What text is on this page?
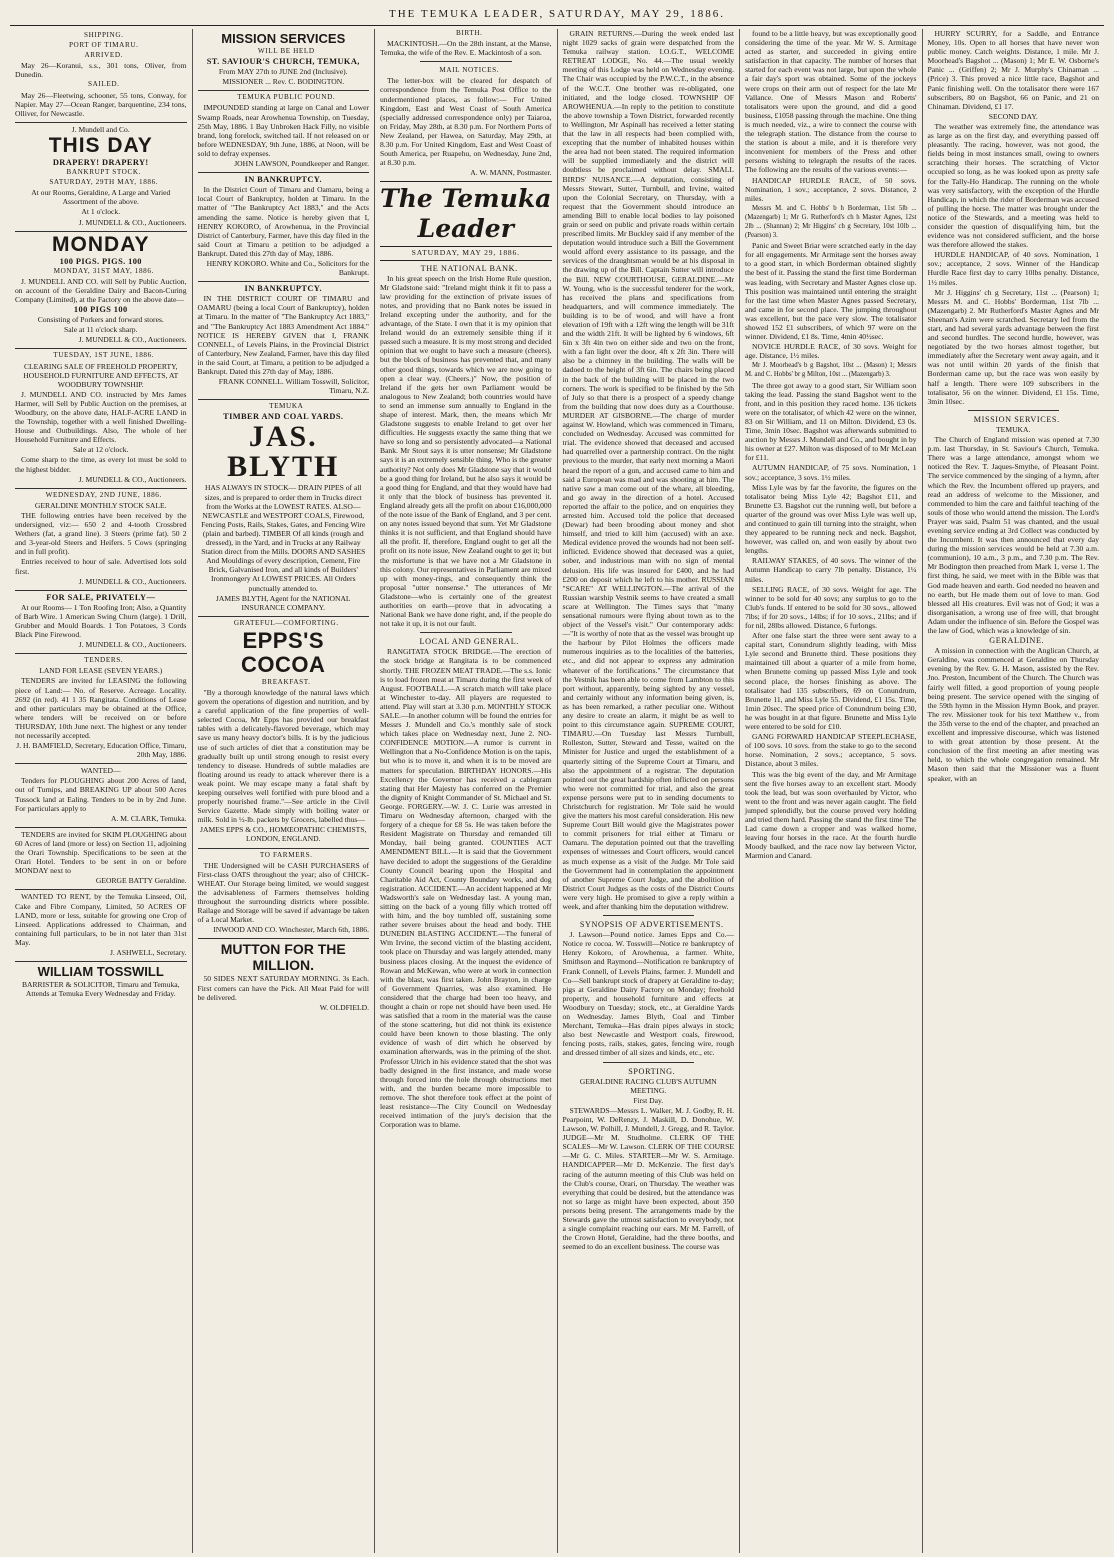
THE TEMUKA LEADER, SATURDAY, MAY 29, 1886.

SHIPPING.

PORT OF TIMARU.

ARRIVED.

May 26—Koranui, s.s., 301 tons, Oliver, from Dunedin.

SAILED.

May 26—Fleetwing, schooner, 55 tons, Conway, for Napier. May 27—Ocean Ranger, barquentine, 234 tons, Olliver, for Newcastle.

J. Mundell and Co.

THIS DAY

DRAPERY! DRAPERY!

BANKRUPT STOCK.

SATURDAY, 29TH MAY, 1886.

At our Rooms, Geraldine, A Large and Varied Assortment of the above.

At 1 o'clock.

J. MUNDELL & CO., Auctioneers.

MONDAY

100 PIGS. PIGS. 100

MONDAY, 31ST MAY, 1886.

J. MUNDELL AND CO. will Sell by Public Auction, on account of the Geraldine Dairy and Bacon-Curing Company (Limited), at the Factory on the above date—

100 PIGS 100

Consisting of Porkers and forward stores.

Sale at 11 o'clock sharp.

J. MUNDELL & CO., Auctioneers.

TUESDAY, 1ST JUNE, 1886.

CLEARING SALE OF FREEHOLD PROPERTY, HOUSEHOLD FURNITURE AND EFFECTS, AT WOODBURY TOWNSHIP.

J. MUNDELL AND CO. instructed by Mrs James Harmer, will Sell by Public Auction on the premises, at Woodbury, on the above date, HALF-ACRE LAND in the Township, together with a well finished Dwelling-House and Outbuildings. Also, The whole of her Household Furniture and Effects.

Sale at 12 o'clock.

Come sharp to the time, as every lot must be sold to the highest bidder.

J. MUNDELL & CO., Auctioneers.

WEDNESDAY, 2ND JUNE, 1886.

GERALDINE MONTHLY STOCK SALE.

THE following entries have been received by the undersigned, viz:— 650 2 and 4-tooth Crossbred Wethers (fat, a grand line). 3 Steers (prime fat). 50 2 and 3-year-old Steers and Heifers. 5 Cows (springing and in full profit).

Entries received to hour of sale. Advertised lots sold first.

J. MUNDELL & CO., Auctioneers.

FOR SALE, PRIVATELY—

At our Rooms— 1 Ton Roofing Iron; Also, a Quantity of Barb Wire. 1 American Swing Churn (large). 1 Drill, Grubber and Mould Boards. 1 Ton Potatoes, 3 Cords Black Pine Firewood.

J. MUNDELL & CO., Auctioneers.

TENDERS.

LAND FOR LEASE (SEVEN YEARS.)

TENDERS are invited for LEASING the following piece of Land:— No. of Reserve. Acreage. Locality. 2692 (in red). 41 1 35 Rangitata. Conditions of Lease and other particulars may be obtained at the Office, where tenders will be received on or before THURSDAY, 10th June next. The highest or any tender not necessarily accepted.

J. H. BAMFIELD, Secretary, Education Office, Timaru, 20th May, 1886.

WANTED—

Tenders for PLOUGHING about 200 Acres of land, out of Turnips, and BREAKING UP about 500 Acres Tussock land at Ealing. Tenders to be in by 2nd June. For particulars apply to

A. M. CLARK, Temuka.

TENDERS are invited for SKIM PLOUGHING about 60 Acres of land (more or less) on Section 11, adjoining the Orari Township. Specifications to be seen at the Orari Hotel. Tenders to be sent in on or before MONDAY next to

GEORGE BATTY Geraldine.

WANTED TO RENT, by the Temuka Linseed, Oil, Cake and Fibre Company, Limited, 50 ACRES OF LAND, more or less, suitable for growing one Crop of Linseed. Applications addressed to Chairman, and containing full particulars, to be in not later than 31st May.

J. ASHWELL, Secretary.

WILLIAM TOSSWILL

BARRISTER & SOLICITOR, Timaru and Temuka, Attends at Temuka Every Wednesday and Friday.

MISSION SERVICES

WILL BE HELD

ST. SAVIOUR'S CHURCH, TEMUKA,

From MAY 27th to JUNE 2nd (Inclusive).

MISSIONER ... Rev. C. BODINGTON.

TEMUKA PUBLIC POUND.

IMPOUNDED standing at large on Canal and Lower Swamp Roads, near Arowhenua Township, on Tuesday, 25th May, 1886. 1 Bay Unbroken Hack Filly, no visible brand, long forelock, switched tail. If not released on or before WEDNESDAY, 9th June, 1886, at Noon, will be sold to defray expenses.

JOHN LAWSON, Poundkeeper and Ranger.

IN BANKRUPTCY.

In the District Court of Timaru and Oamaru, being a local Court of Bankruptcy, holden at Timaru. In the matter of "The Bankruptcy Act 1883," and the Acts amending the same. Notice is hereby given that I, HENRY KOKORO, of Arowhenua, in the Provincial District of Canterbury, Farmer, have this day filed in the said Court at Timaru a petition to be adjudged a Bankrupt. Dated this 27th day of May, 1886.

HENRY KOKORO. White and Co., Solicitors for the Bankrupt.

IN BANKRUPTCY.

IN THE DISTRICT COURT OF TIMARU and OAMARU (being a local Court of Bankruptcy), holden at Timaru. In the matter of "The Bankruptcy Act 1883," and "The Bankruptcy Act 1883 Amendment Act 1884." NOTICE IS HEREBY GIVEN that I, FRANK CONNELL, of Levels Plains, in the Provincial District of Canterbury, New Zealand, Farmer, have this day filed in the said Court, at Timaru, a petition to be adjudged a Bankrupt. Dated this 27th day of May, 1886.

FRANK CONNELL. William Tosswill, Solicitor, Timaru, N.Z.

TEMUKA

TIMBER AND COAL YARDS.

JAS. BLYTH

HAS ALWAYS IN STOCK— DRAIN PIPES of all sizes, and is prepared to order them in Trucks direct from the Works at the LOWEST RATES. ALSO— NEWCASTLE and WESTPORT COALS, Firewood, Fencing Posts, Rails, Stakes, Gates, and Fencing Wire (plain and barbed). TIMBER Of all kinds (rough and dressed), in the Yard, and in Trucks at any Railway Station direct from the Mills. DOORS AND SASHES And Mouldings of every description, Cement, Fire Brick, Galvanised Iron, and all kinds of Builders' Ironmongery At LOWEST PRICES. All Orders punctually attended to.

JAMES BLYTH, Agent for the NATIONAL INSURANCE COMPANY.

GRATEFUL—COMFORTING.

EPPS'S COCOA

BREAKFAST.

"By a thorough knowledge of the natural laws which govern the operations of digestion and nutrition, and by a careful application of the fine properties of well-selected Cocoa, Mr Epps has provided our breakfast tables with a delicately-flavored beverage, which may save us many heavy doctor's bills. It is by the judicious use of such articles of diet that a constitution may be gradually built up until strong enough to resist every tendency to disease. Hundreds of subtle maladies are floating around us ready to attack wherever there is a weak point. We may escape many a fatal shaft by keeping ourselves well fortified with pure blood and a properly nourished frame."—See article in the Civil Service Gazette. Made simply with boiling water or milk. Sold in ½-lb. packets by Grocers, labelled thus—

JAMES EPPS & CO., HOMŒOPATHIC CHEMISTS, LONDON, ENGLAND.

TO FARMERS.

THE Undersigned will be CASH PURCHASERS of First-class OATS throughout the year; also of CHICK-WHEAT. Our Storage being limited, we would suggest the advisableness of Farmers themselves holding throughout the surrounding districts where possible. Railage and Storage will be saved if advantage be taken of a Local Market.

INWOOD AND CO. Winchester, March 6th, 1886.

MUTTON FOR THE MILLION.

50 SIDES NEXT SATURDAY MORNING. 3s Each. First comers can have the Pick. All Meat Paid for will be delivered.

W. OLDFIELD.

BIRTH.

MACKINTOSH.—On the 28th instant, at the Manse, Temuka, the wife of the Rev. E. Mackintosh of a son.

MAIL NOTICES.

The letter-box will be cleared for despatch of correspondence from the Temuka Post Office to the undermentioned places, as follow:— For United Kingdom, East and West Coast of South America (specially addressed correspondence only) per Taiaroa, on Friday, May 28th, at 8.30 p.m. For Northern Ports of New Zealand, per Hawea, on Saturday, May 29th, at 8.30 p.m. For United Kingdom, East and West Coast of South America, per Ruapehu, on Wednesday, June 2nd, at 8.30 p.m.

A. W. MANN, Postmaster.

The Temuka Leader
SATURDAY, MAY 29, 1886.

THE NATIONAL BANK.

In his great speech on the Irish Home Rule question, Mr Gladstone said: "Ireland might think it fit to pass a law providing for the extinction of private issues of notes, and providing that no Bank notes be issued in Ireland excepting under the authority, and for the advantage, of the State. I own that it is my opinion that Ireland would do an extremely sensible thing if it passed such a measure. It is my most strong and decided opinion that we ought to have such a measure (cheers), but the block of business has prevented that, and many other good things, towards which we are now going to open a clear way. (Cheers.)" Now, the position of Ireland if the gets her own Parliament would be analogous to New Zealand; both countries would have to send an immense sum annually to England in the shape of interest. Mark, then, the means which Mr Gladstone suggests to enable Ireland to get over her difficulties. He suggests exactly the same thing that we have so long and so persistently advocated—a National Bank. Mr Stout says it is utter nonsense; Mr Gladstone says it is an extremely sensible thing. Who is the greater authority? Not only does Mr Gladstone say that it would be a good thing for Ireland, but he also says it would be a good thing for England, and that they would have had it only that the block of business has prevented it. England already gets all the profit on about £16,000,000 of the note issue of the Bank of England, and 3 per cent. on any notes issued beyond that sum. Yet Mr Gladstone thinks it is not sufficient, and that England should have all the profit. If, therefore, England ought to get all the profit on its note issue, New Zealand ought to get it; but the misfortune is that we have not a Mr Gladstone in this colony. Our representatives in Parliament are mixed up with money-rings, and consequently think the proposal "utter nonsense." The utterances of Mr Gladstone—who is certainly one of the greatest authorities on earth—prove that in advocating a National Bank we have done right, and, if the people do not take it up, it is not our fault.

LOCAL AND GENERAL.

RANGITATA STOCK BRIDGE.—The erection of the stock bridge at Rangitata is to be commenced shortly. THE FROZEN MEAT TRADE.—The s.s. Ionic is to load frozen meat at Timaru during the first week of August. FOOTBALL.—A scratch match will take place at Winchester to-day. All players are requested to attend. Play will start at 3.30 p.m. MONTHLY STOCK SALE.—In another column will be found the entries for Messrs J. Mundell and Co.'s monthly sale of stock which takes place on Wednesday next, June 2. NO-CONFIDENCE MOTION.—A rumor is current in Wellington that a No-Confidence Motion is on the tapis, but who is to move it, and when it is to be moved are matters for speculation. BIRTHDAY HONORS.—His Excellency the Governor has received a cablegram stating that Her Majesty has conferred on the Premier the dignity of Knight Commander of St. Michael and St. George. FORGERY.—W. J. C. Lurie was arrested in Timaru on Wednesday afternoon, charged with the forgery of a cheque for £8 5s. He was taken before the Resident Magistrate on Thursday and remanded till Monday, bail being granted. COUNTIES ACT AMENDMENT BILL.—It is said that the Government have decided to adopt the suggestions of the Geraldine County Council bearing upon the Hospital and Charitable Aid Act, County Boundary works, and dog registration. ACCIDENT.—An accident happened at Mr Wadsworth's sale on Wednesday last. A young man, sitting on the back of a young filly which trotted off with him, and the boy tumbled off, sustaining some rather severe bruises about the head and body. THE DUNEDIN BLASTING ACCIDENT.—The funeral of Wm Irvine, the second victim of the blasting accident, took place on Thursday and was largely attended, many business places closing. At the inquest the evidence of Rowan and McKewan, who were at work in connection with the blast, was first taken. John Brayton, in charge of Government Quarries, was also examined. He considered that the charge had been too heavy, and thought a chain or rope net should have been used. He was satisfied that a room in the material was the cause of the stone scattering, but did not think its existence could have been known to those blasting. The only evidence of wash of dirt which he observed by examination afterwards, was in the priming of the shot. Professor Ulrich in his evidence stated that the shot was badly designed in the first instance, and made worse through forced into the hole through obstructions met with, and the burden became more impossible to remove. The shot therefore took effect at the point of least resistance—The City Council on Wednesday received intimation of the jury's decision that the Corporation was to blame.

GRAIN RETURNS.—During the week ended last night 1029 sacks of grain were despatched from the Temuka railway station. I.O.G.T., WELCOME RETREAT LODGE, No. 44.—The usual weekly meeting of this Lodge was held on Wednesday evening. The Chair was occupied by the P.W.C.T., in the absence of the W.C.T. One brother was re-obligated, one initiated, and the lodge closed. TOWNSHIP OF AROWHENUA.—In reply to the petition to constitute the above township a Town District, forwarded recently to Wellington, Mr Aspinall has received a letter stating that the law in all respects had been complied with, excepting that the number of inhabited houses within the area had not been stated. The required information will be supplied immediately and the district will doubtless be proclaimed without delay. SMALL BIRDS' NUISANCE.—A deputation, consisting of Messrs Stewart, Sutter, Turnbull, and Irvine, waited upon the Colonial Secretary, on Thursday, with a request that the Government should introduce an amending Bill to enable local bodies to lay poisoned grain or seed on public and private roads within certain prescribed limits. Mr Buckley said if any member of the deputation would introduce such a Bill the Government would afford every assistance to its passage, and the services of the draughtsman would be at his disposal in the drawing up of the Bill. Captain Sutter will introduce the Bill. NEW COURTHOUSE, GERALDINE.—Mr W. Young, who is the successful tenderer for the work, has received the plans and specifications from headquarters, and will commence immediately. The building is to be of wood, and will have a front elevation of 19ft with a 12ft wing the length will be 31ft and the width 21ft. It will be lighted by 6 windows, 6ft 6in x 3ft 4in two on either side and two on the front, with a fan light over the door, 4ft x 2ft 3in. There will also be a chimney in the building. The walls will be dadoed to the height of 3ft 6in. The chairs being placed in the back of the building will be placed in the two corners. The work is specified to be finished by the 5th of July so that there is a prospect of a speedy change from the building that now does duty as a Courthouse. MURDER AT GISBORNE.—The charge of murder against W. Howland, which was commenced in Timaru, concluded on Wednesday. Accused was committed for trial. The evidence showed that deceased and accused had quarrelled over a partnership contract. On the night previous to the murder, that early next morning a Maori heard the report of a gun, and accused came to him and said a European was mad and was shooting at him. The native saw a man come out of the whare, all bleeding, and go away in the direction of a hotel. Accused reported the affair to the police, and on enquiries they arrested him. Accused told the police that deceased (Dewar) had been brooding about money and shot himself, and tried to kill him (accused) with an axe. Medical evidence proved the wounds had not been self-inflicted. Evidence showed that deceased was a quiet, sober, and industrious man with no sign of mental delusion. His life was insured for £400, and he had £200 on deposit which he left to his mother. RUSSIAN "SCARE" AT WELLINGTON.—The arrival of the Russian warship Vestnik seems to have created a small scare at Wellington. The Times says that "many sensational rumours were flying about town as to the object of the Vessel's visit." Our contemporary adds:—"It is worthy of note that as the vessel was brought up the harbour by Pilot Holmes the officers made numerous inquiries as to the localities of the batteries, etc., and did not appear to express any admiration whatever of the fortifications." The circumstance that the Vestnik has been able to come from Lambton to this port without, apparently, being sighted by any vessel, and certainly without any information being given, is, as has been remarked, a rather peculiar one. Without any desire to create an alarm, it might be as well to point to this circumstance again. SUPREME COURT, TIMARU.—On Tuesday last Messrs Turnbull, Rolleston, Sutter, Steward and Tesse, waited on the Minister for Justice and urged the establishment of a quarterly sitting of the Supreme Court at Timaru, and also the appointment of a registrar. The deputation pointed out the great hardship often inflicted on persons who were not committed for trial, and also the great expense persons were put to in sending documents to Christchurch for registration. Mr Tole said he would give the matters his most careful consideration. His new Supreme Court Bill would give the Magistrates power to commit prisoners for trial either at Timaru or Oamaru. The deputation pointed out that the travelling expenses of witnesses and Court officers, would cancel as much expense as a visit of the Judge. Mr Tole said the Government had in contemplation the appointment of another Supreme Court Judge, and the abolition of District Court Judges as the costs of the District Courts were very high. He promised to give a reply within a week, and after thanking him the deputation withdrew.

SYNOPSIS OF ADVERTISEMENTS.

J. Lawson—Pound notice. James Epps and Co.—Notice re cocoa. W. Tosswill—Notice re bankruptcy of Henry Kokoro, of Arowhenua, a farmer. White, Smithson and Raymond—Notification re bankruptcy of Frank Connell, of Levels Plains, farmer. J. Mundell and Co—Sell bankrupt stock of drapery at Geraldine to-day; pigs at Geraldine Dairy Factory on Monday; freehold property, and household furniture and effects at Woodbury on Tuesday; stock, etc., at Geraldine Yards on Wednesday. James Blyth, Coal and Timber Merchant, Temuka—Has drain pipes always in stock; also best Newcastle and Westport coals, firewood, fencing posts, rails, stakes, gates, fencing wire, rough and dressed timber of all sizes and kinds, etc., etc.

SPORTING.

GERALDINE RACING CLUB'S AUTUMN MEETING.

First Day.

STEWARDS—Messrs L. Walker, M. J. Godby, R. H. Pearpoint, W. DeRenzy, J. Maskill, D. Donohue, W. Lawson, W. Polhill, J. Mundell, J. Gregg, and R. Taylor. JUDGE—Mr M. Studholme. CLERK OF THE SCALES—Mr W. Lawson. CLERK OF THE COURSE—Mr G. C. Miles. STARTER—Mr W. S. Armitage. HANDICAPPER—Mr D. McKenzie. The first day's racing of the autumn meeting of this Club was held on the Club's course, Orari, on Thursday. The weather was everything that could be desired, but the attendance was not so large as might have been expected, about 350 persons being present. The arrangements made by the Stewards gave the utmost satisfaction to everybody, not a single complaint reaching our ears. Mr M. Farrell, of the Crown Hotel, Geraldine, had the three booths, and seemed to do an excellent business. The course was

found to be a little heavy, but was exceptionally good considering the time of the year. Mr W. S. Armitage acted as starter, and succeeded in giving entire satisfaction in that capacity. The number of horses that started for each event was not large, but upon the whole a fair day's sport was obtained. Some of the jockeys were crops on their arm out of respect for the late Mr Vallance. One of Messrs Mason and Roberts' totalisators were upon the ground, and did a good business, £1058 passing through the machine. One thing is much needed, viz., a wire to connect the course with the telegraph station. The distance from the course to the station is about a mile, and it is therefore very inconvenient for members of the Press and other persons wishing to telegraph the results of the races. The following are the results of the various events:—

HANDICAP HURDLE RACE, of 50 sovs. Nomination, 1 sov.; acceptance, 2 sovs. Distance, 2 miles.

Messrs M. and C. Hobbs' b h Borderman, 11st 5lb ... (Mazengarb) 1; Mr G. Rutherford's ch h Master Agnes, 12st 2lb ... (Shannan) 2; Mr Higgins' ch g Secretary, 10st 10lb ... (Pearson) 3.

Panic and Sweet Briar were scratched early in the day for all engagements. Mr Armitage sent the horses away to a good start, in which Borderman obtained slightly the best of it. Passing the stand the first time Borderman was leading, with Secretary and Master Agnes close up. This position was maintained until entering the straight for the last time when Master Agnes passed Secretary, and came in for second place. The jumping throughout was excellent, but the pace very slow. The totalisator showed 152 £1 subscribers, of which 97 were on the winner. Dividend, £1 8s. Time, 4min 40½sec.

NOVICE HURDLE RACE, of 30 sovs. Weight for age. Distance, 1½ miles.

Mr J. Moorhead's b g Bagshot, 10st ... (Mason) 1; Messrs M. and C. Hobbs' br g Milton, 10st ... (Mazengarb) 3.

The three got away to a good start, Sir William soon taking the lead. Passing the stand Bagshot went to the front, and in this position they raced home. 136 tickets were on the totalisator, of which 42 were on the winner, 83 on Sir William, and 11 on Milton. Dividend, £3 0s. Time, 3min 10sec. Bagshot was afterwards submitted to auction by Messrs J. Mundell and Co., and bought in by his owner at £27. Milton was disposed of to Mr McLean for £11.

AUTUMN HANDICAP, of 75 sovs. Nomination, 1 sov.; acceptance, 3 sovs. 1½ miles.

Miss Lyle was by far the favorite, the figures on the totalisator being Miss Lyle 42; Bagshot £11, and Brunette £3. Bagshot cut the running well, but before a quarter of the ground was over Miss Lyle was well up, and continued to gain till turning into the straight, when they appeared to be running neck and neck. Bagshot, however, was called on, and won easily by about two lengths.

RAILWAY STAKES, of 40 sovs. The winner of the Autumn Handicap to carry 7lb penalty. Distance, 1¼ miles.

SELLING RACE, of 30 sovs. Weight for age. The winner to be sold for 40 sovs; any surplus to go to the Club's funds. If entered to be sold for 30 sovs., allowed 7lbs; if for 20 sovs., 14lbs; if for 10 sovs., 21lbs; and if for nil, 28lbs allowed. Distance, 6 furlongs.

After one false start the three were sent away to a capital start, Conundrum slightly leading, with Miss Lyle second and Brunette third. These positions they maintained till about a quarter of a mile from home, when Brunette coming up passed Miss Lyle and took second place, the horses finishing as above. The totalisator had 135 subscribers, 69 on Conundrum, Brunette 11, and Miss Lyle 55. Dividend, £1 15s. Time, 1min 20sec. The speed price of Conundrum being £30, he was bought in at that figure. Brunette and Miss Lyle were entered to be sold for £10.

GANG FORWARD HANDICAP STEEPLECHASE, of 100 sovs. 10 sovs. from the stake to go to the second horse. Nomination, 2 sovs.; acceptance, 5 sovs. Distance, about 3 miles.

This was the big event of the day, and Mr Armitage sent the five horses away to an excellent start. Moody took the lead, but was soon overhauled by Victor, who went to the front and was never again caught. The field jumped splendidly, but the course proved very holding and tried them hard. Passing the stand the first time The Lad came down a cropper and was walked home, leaving four horses in the race. At the fourth hurdle Moody baulked, and the race now lay between Victor, Marmion and Canard.

HURRY SCURRY, for a Saddle, and Entrance Money, 10s. Open to all horses that have never won public money. Catch weights. Distance, 1 mile. Mr J. Moorhead's Bagshot ... (Mason) 1; Mr E. W. Osborne's Panic ... (Griffen) 2; Mr J. Murphy's Chinaman ... (Price) 3. This proved a nice little race, Bagshot and Panic finishing well. On the totalisator there were 167 subscribers, 80 on Bagshot, 66 on Panic, and 21 on Chinaman. Dividend, £1 17.

SECOND DAY.

The weather was extremely fine, the attendance was as large as on the first day, and everything passed off pleasantly. The racing, however, was not good, the fields being in most instances small, owing to owners scratching their horses. The scratching of Victor occupied so long, as he was looked upon as pretty safe for the Tally-Ho Handicap. The running on the whole was very satisfactory, with the exception of the Hurdle Handicap, in which the rider of Borderman was accused of pulling the horse. The matter was brought under the notice of the Stewards, and a meeting was held to consider the question of disqualifying him, but the evidence was not considered sufficient, and the horse was therefore allowed the stakes.

HURDLE HANDICAP, of 40 sovs. Nomination, 1 sov.; acceptance, 2 sovs. Winner of the Handicap Hurdle Race first day to carry 10lbs penalty. Distance, 1½ miles.

Mr J. Higgins' ch g Secretary, 11st ... (Pearson) 1; Messrs M. and C. Hobbs' Borderman, 11st 7lb ... (Mazengarb) 2. Mr Rutherford's Master Agnes and Mr Sheenan's Azim were scratched. Secretary led from the start, and had several yards advantage between the first and second hurdles. The second hurdle, however, was negotiated by the two horses almost together, but immediately after the Secretary went away again, and it was not until within 20 yards of the finish that Borderman came up, but the race was won easily by half a length. There were 109 subscribers in the totalisator, 56 on the winner. Dividend, £1 15s. Time, 3min 10sec.

MISSION SERVICES.

TEMUKA.

The Church of England mission was opened at 7.30 p.m. last Thursday, in St. Saviour's Church, Temuka. There was a large attendance, amongst whom we noticed the Rev. T. Jaques-Smythe, of Pleasant Point. The service commenced by the singing of a hymn, after which the Rev. the Incumbent offered up prayers, and read an address of welcome to the Missioner, and commended to him the care and faithful teaching of the souls of those who would attend the mission. The Lord's Prayer was said, Psalm 51 was chanted, and the usual evening service ending at 3rd Collect was conducted by the Incumbent. It was then announced that every day during the mission services would be held at 7.30 a.m. (communion), 10 a.m., 3 p.m., and 7.30 p.m. The Rev. Mr Bodington then preached from Mark 1, verse 1. The first thing, he said, we meet with in the Bible was that God made heaven and earth. God needed no heaven and no earth, but He made them out of love to man. God blessed all His creatures. Evil was not of God; it was a disorganisation, a wrong use of free will, that brought Adam under the influence of sin. Before the Gospel was the law of God, which was a knowledge of sin.

GERALDINE.

A mission in connection with the Anglican Church, at Geraldine, was commenced at Geraldine on Thursday evening by the Rev. G. H. Mason, assisted by the Rev. Jno. Preston, Incumbent of the Church. The Church was fairly well filled, a good proportion of young people being present. The service opened with the singing of the 59th hymn in the Mission Hymn Book, and prayer. The rev. Missioner took for his text Matthew v., from the 35th verse to the end of the chapter, and preached an excellent and impressive discourse, which was listened to with great attention by those present. At the conclusion of the first meeting an after meeting was held, to which the whole congregation remained. Mr Mason then said that the Missioner was a fluent speaker, with an
